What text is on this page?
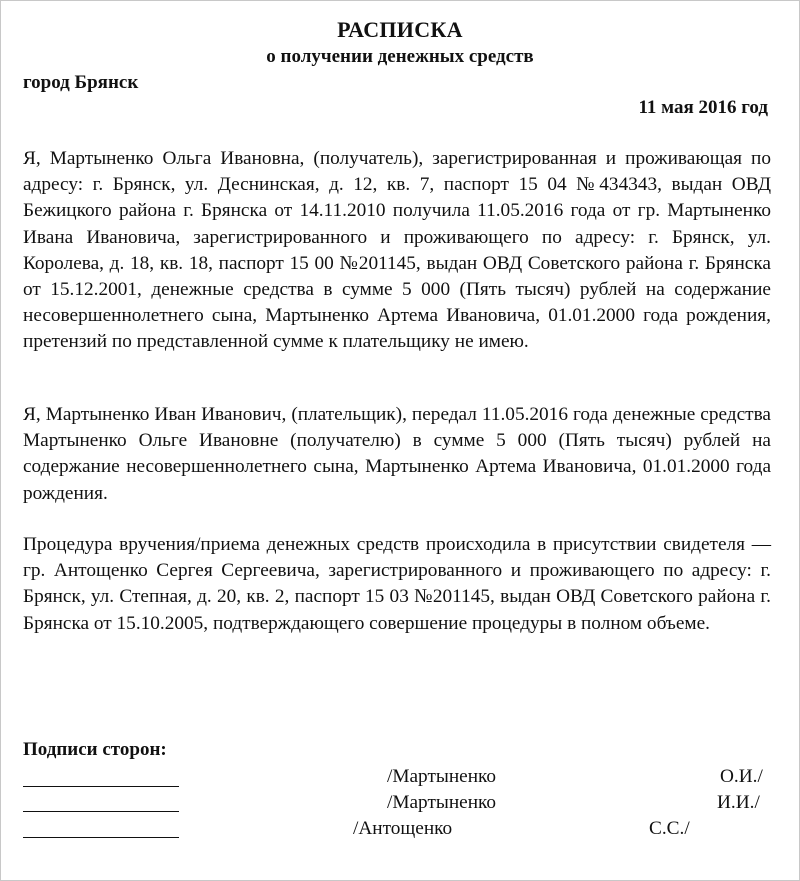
РАСПИСКА
о получении денежных средств
город Брянск
11 мая 2016 год

Я, Мартыненко Ольга Ивановна, (получатель), зарегистрированная и проживающая по адресу: г. Брянск, ул. Деснинская, д. 12, кв. 7, паспорт 15 04 №434343, выдан ОВД Бежицкого района г. Брянска от 14.11.2010 получила 11.05.2016 года от гр. Мартыненко Ивана Ивановича, зарегистрированного и проживающего по адресу: г. Брянск, ул. Королева, д. 18, кв. 18, паспорт 15 00 №201145, выдан ОВД Советского района г. Брянска от 15.12.2001, денежные средства в сумме 5 000 (Пять тысяч) рублей на содержание несовершеннолетнего сына, Мартыненко Артема Ивановича, 01.01.2000 года рождения, претензий по представленной сумме к плательщику не имею.

Я, Мартыненко Иван Иванович, (плательщик), передал 11.05.2016 года денежные средства Мартыненко Ольге Ивановне (получателю) в сумме 5 000 (Пять тысяч) рублей на содержание несовершеннолетнего сына, Мартыненко Артема Ивановича, 01.01.2000 года рождения.

Процедура вручения/приема денежных средств происходила в присутствии свидетеля — гр. Антощенко Сергея Сергеевича, зарегистрированного и проживающего по адресу: г. Брянск, ул. Степная, д. 20, кв. 2, паспорт 15 03 №201145, выдан ОВД Советского района г. Брянска от 15.10.2005, подтверждающего совершение процедуры в полном объеме.

Подписи сторон:
/Мартыненко	О.И./
/Мартыненко	И.И./
/Антощенко	С.С./
